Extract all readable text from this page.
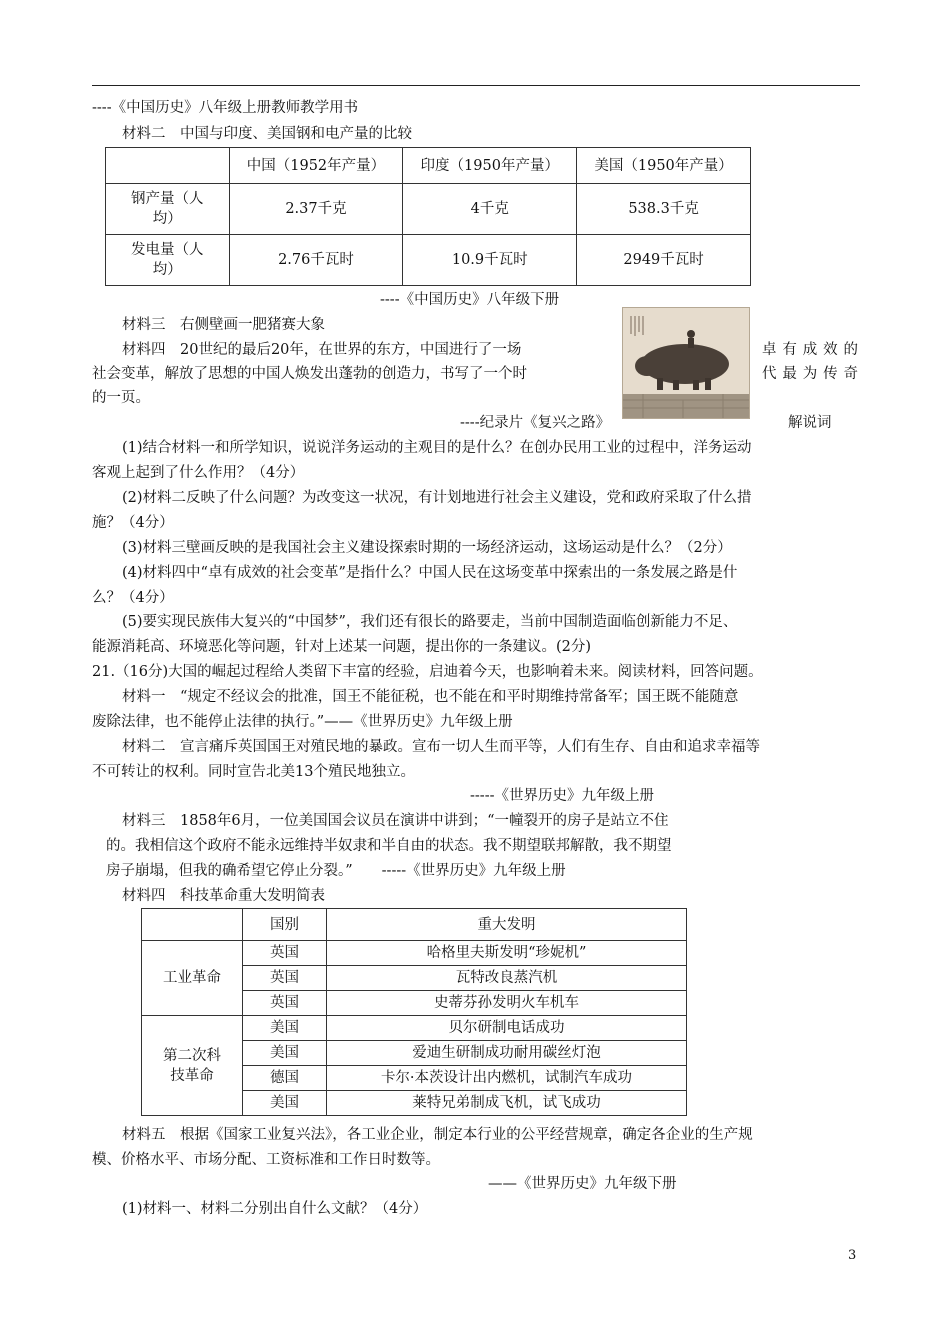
----《中国历史》八年级上册教师教学用书
材料二　中国与印度、美国钢和电产量的比较
	中国（1952年产量）	印度（1950年产量）	美国（1950年产量）
钢产量（人
均）	2.37千克	4千克	538.3千克
发电量（人
均）	2.76千瓦时	10.9千瓦时	2949千瓦时
----《中国历史》八年级下册
材料三　右侧壁画一肥猪赛大象
材料四　20世纪的最后20年，在世界的东方，中国进行了一场	卓 有 成 效 的
社会变革，解放了思想的中国人焕发出蓬勃的创造力，书写了一个时	代 最 为 传 奇
的一页。
----纪录片《复兴之路》	解说词
(1)结合材料一和所学知识，说说洋务运动的主观目的是什么？在创办民用工业的过程中，洋务运动
客观上起到了什么作用？（4分）
(2)材料二反映了什么问题？为改变这一状况，有计划地进行社会主义建设，党和政府采取了什么措
施？（4分）
(3)材料三壁画反映的是我国社会主义建设探索时期的一场经济运动，这场运动是什么？（2分）
(4)材料四中“卓有成效的社会变革”是指什么？中国人民在这场变革中探索出的一条发展之路是什
么？（4分）
(5)要实现民族伟大复兴的“中国梦”，我们还有很长的路要走，当前中国制造面临创新能力不足、
能源消耗高、环境恶化等问题，针对上述某一问题，提出你的一条建议。(2分)
21.（16分)大国的崛起过程给人类留下丰富的经验，启迪着今天，也影响着未来。阅读材料，回答问题。
材料一　“规定不经议会的批准，国王不能征税，也不能在和平时期维持常备军；国王既不能随意
废除法律，也不能停止法律的执行。”——《世界历史》九年级上册
材料二　宣言痛斥英国国王对殖民地的暴政。宣布一切人生而平等，人们有生存、自由和追求幸福等
不可转让的权利。同时宣告北美13个殖民地独立。
-----《世界历史》九年级上册
材料三　1858年6月，一位美国国会议员在演讲中讲到；“一幢裂开的房子是站立不住
的。我相信这个政府不能永远维持半奴隶和半自由的状态。我不期望联邦解散，我不期望
房子崩塌，但我的确希望它停止分裂。”　　-----《世界历史》九年级上册
材料四　科技革命重大发明简表
	国别	重大发明
工业革命	英国	哈格里夫斯发明“珍妮机”
	英国	瓦特改良蒸汽机
	英国	史蒂芬孙发明火车机车
第二次科
技革命	美国	贝尔研制电话成功
	美国	爱迪生研制成功耐用碳丝灯泡
	德国	卡尔·本茨设计出内燃机，试制汽车成功
	美国	莱特兄弟制成飞机，试飞成功
材料五　根据《国家工业复兴法》，各工业企业，制定本行业的公平经营规章，确定各企业的生产规
模、价格水平、市场分配、工资标准和工作日时数等。
——《世界历史》九年级下册
(1)材料一、材料二分别出自什么文献？（4分）
3
